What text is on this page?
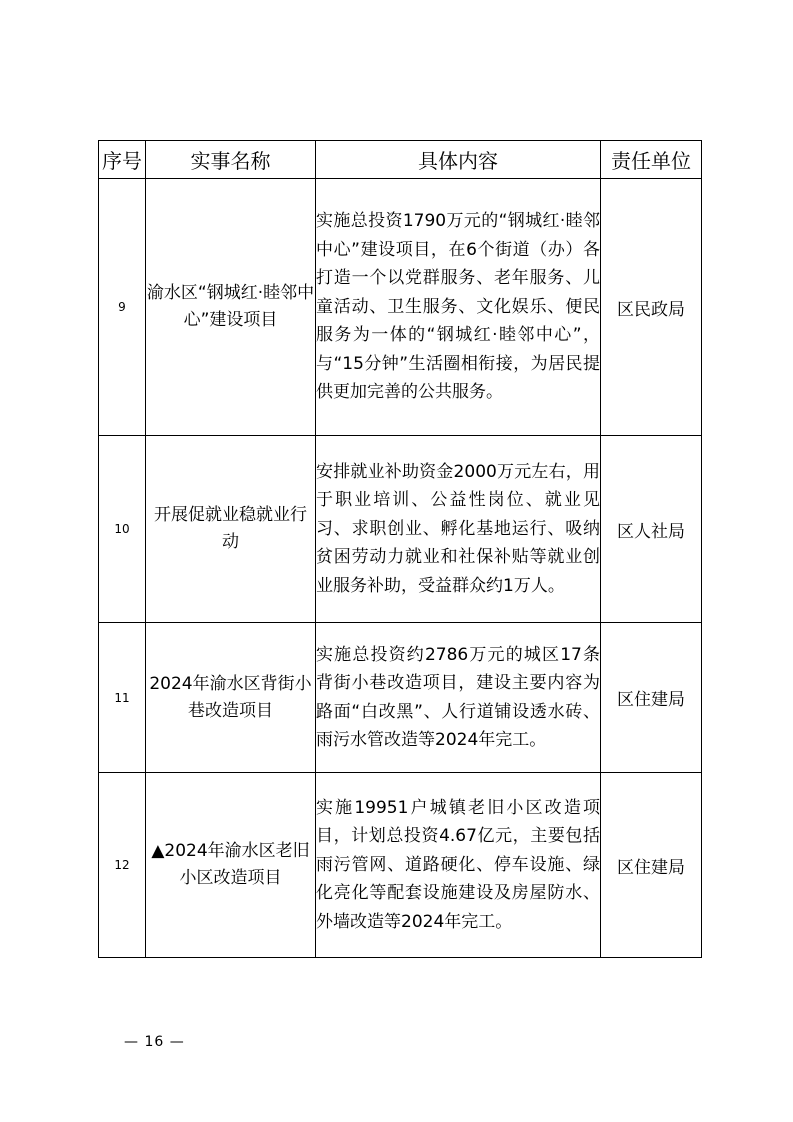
序号	实事名称	具体内容	责任单位
9	渝水区“钢城红·睦邻中心”建设项目	实施总投资1790万元的“钢城红·睦邻中心”建设项目，在6个街道（办）各打造一个以党群服务、老年服务、儿童活动、卫生服务、文化娱乐、便民服务为一体的“钢城红·睦邻中心”，与“15分钟”生活圈相衔接，为居民提供更加完善的公共服务。	区民政局
10	开展促就业稳就业行动	安排就业补助资金2000万元左右，用于职业培训、公益性岗位、就业见习、求职创业、孵化基地运行、吸纳贫困劳动力就业和社保补贴等就业创业服务补助，受益群众约1万人。	区人社局
11	2024年渝水区背街小巷改造项目	实施总投资约2786万元的城区17条背街小巷改造项目，建设主要内容为路面“白改黑”、人行道铺设透水砖、雨污水管改造等2024年完工。	区住建局
12	▲2024年渝水区老旧小区改造项目	实施19951户城镇老旧小区改造项目，计划总投资4.67亿元，主要包括雨污管网、道路硬化、停车设施、绿化亮化等配套设施建设及房屋防水、外墙改造等2024年完工。	区住建局
— 16 —
